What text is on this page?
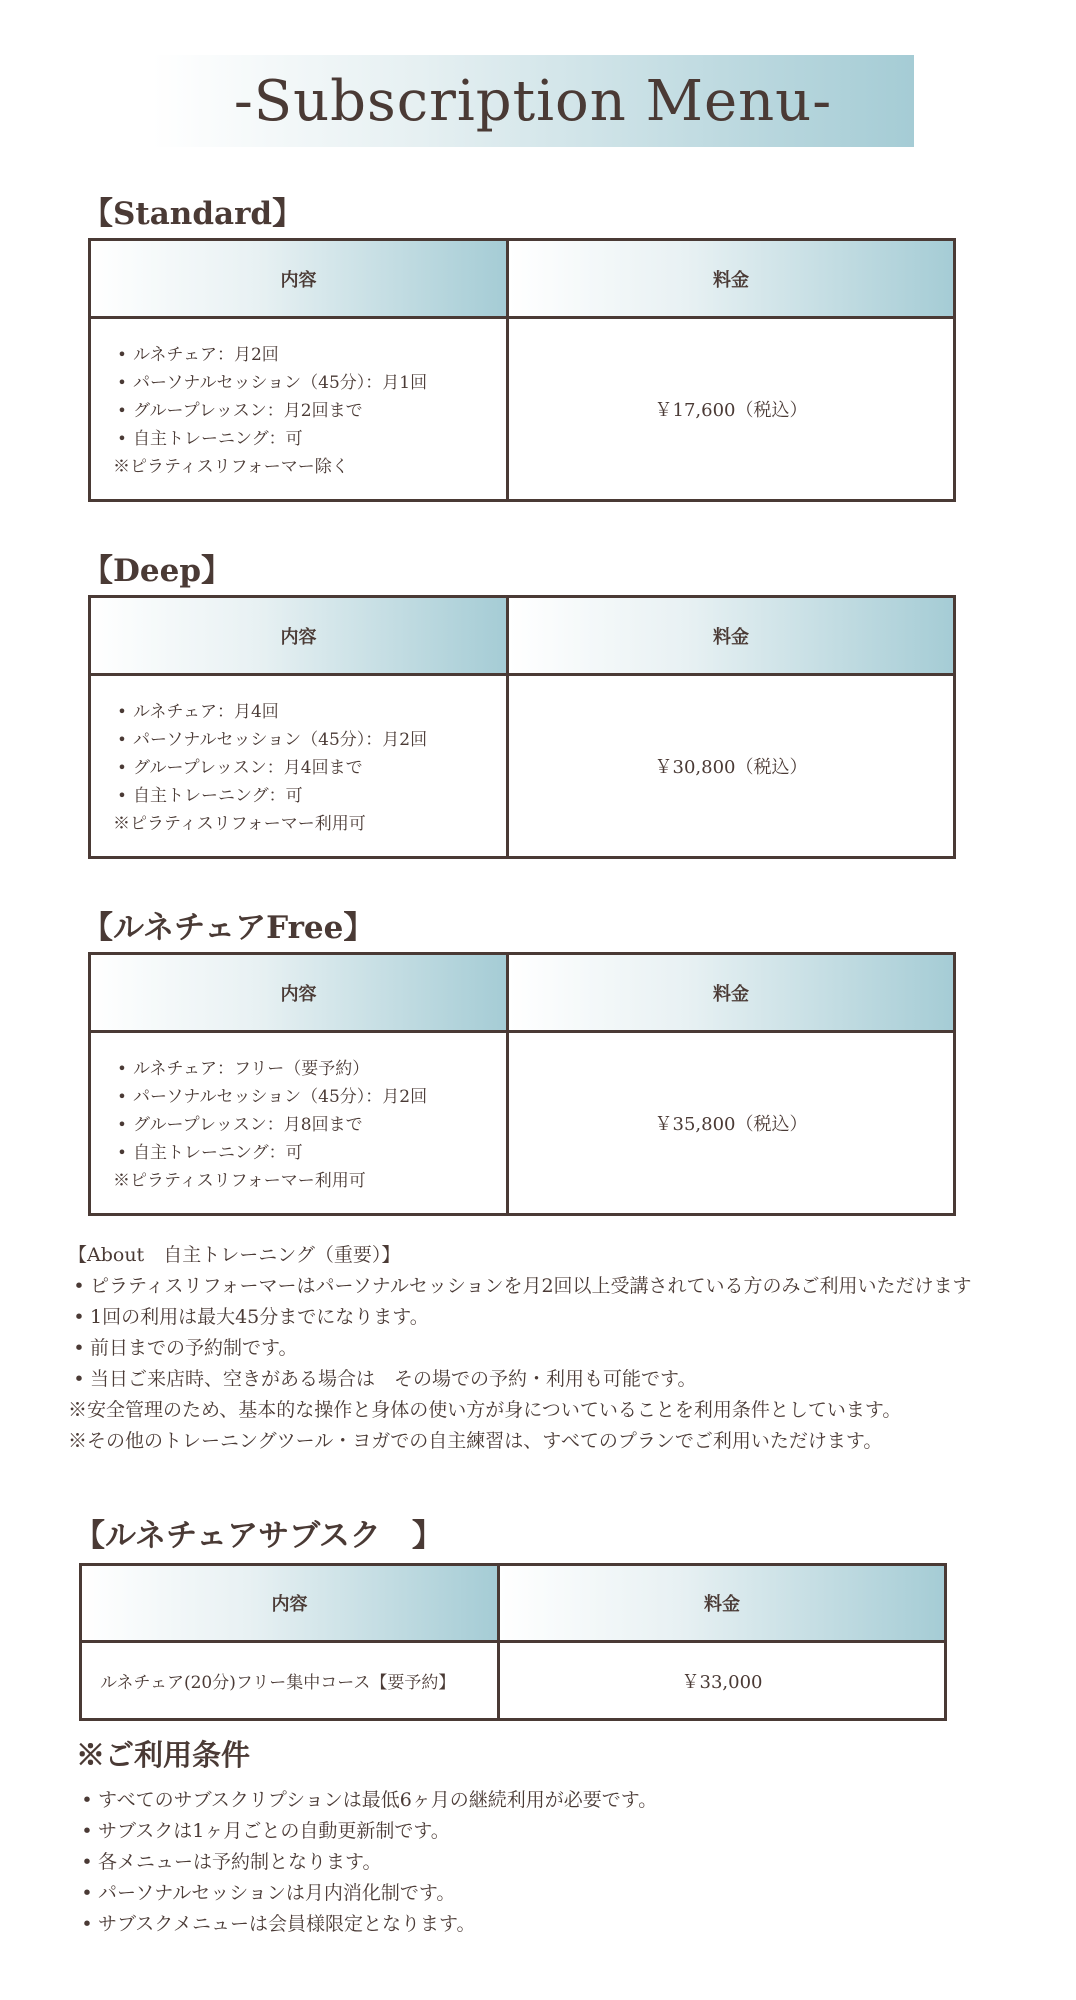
-Subscription Menu-
【Standard】
内容	料金
• ルネチェア：月2回
• パーソナルセッション（45分）：月1回
• グループレッスン：月2回まで
• 自主トレーニング：可
※ピラティスリフォーマー除く
￥17,600（税込）
【Deep】
内容	料金
• ルネチェア：月4回
• パーソナルセッション（45分）：月2回
• グループレッスン：月4回まで
• 自主トレーニング：可
※ピラティスリフォーマー利用可
￥30,800（税込）
【ルネチェアFree】
内容	料金
• ルネチェア：フリー（要予約）
• パーソナルセッション（45分）：月2回
• グループレッスン：月8回まで
• 自主トレーニング：可
※ピラティスリフォーマー利用可
￥35,800（税込）
【About　自主トレーニング（重要）】
• ピラティスリフォーマーはパーソナルセッションを月2回以上受講されている方のみご利用いただけます
• 1回の利用は最大45分までになります。
• 前日までの予約制です。
• 当日ご来店時、空きがある場合は　その場での予約・利用も可能です。
※安全管理のため、基本的な操作と身体の使い方が身についていることを利用条件としています。
※その他のトレーニングツール・ヨガでの自主練習は、すべてのプランでご利用いただけます。
【ルネチェアサブスク　】
内容	料金
ルネチェア(20分)フリー集中コース【要予約】	￥33,000
※ご利用条件
• すべてのサブスクリプションは最低6ヶ月の継続利用が必要です。
• サブスクは1ヶ月ごとの自動更新制です。
• 各メニューは予約制となります。
• パーソナルセッションは月内消化制です。
• サブスクメニューは会員様限定となります。
